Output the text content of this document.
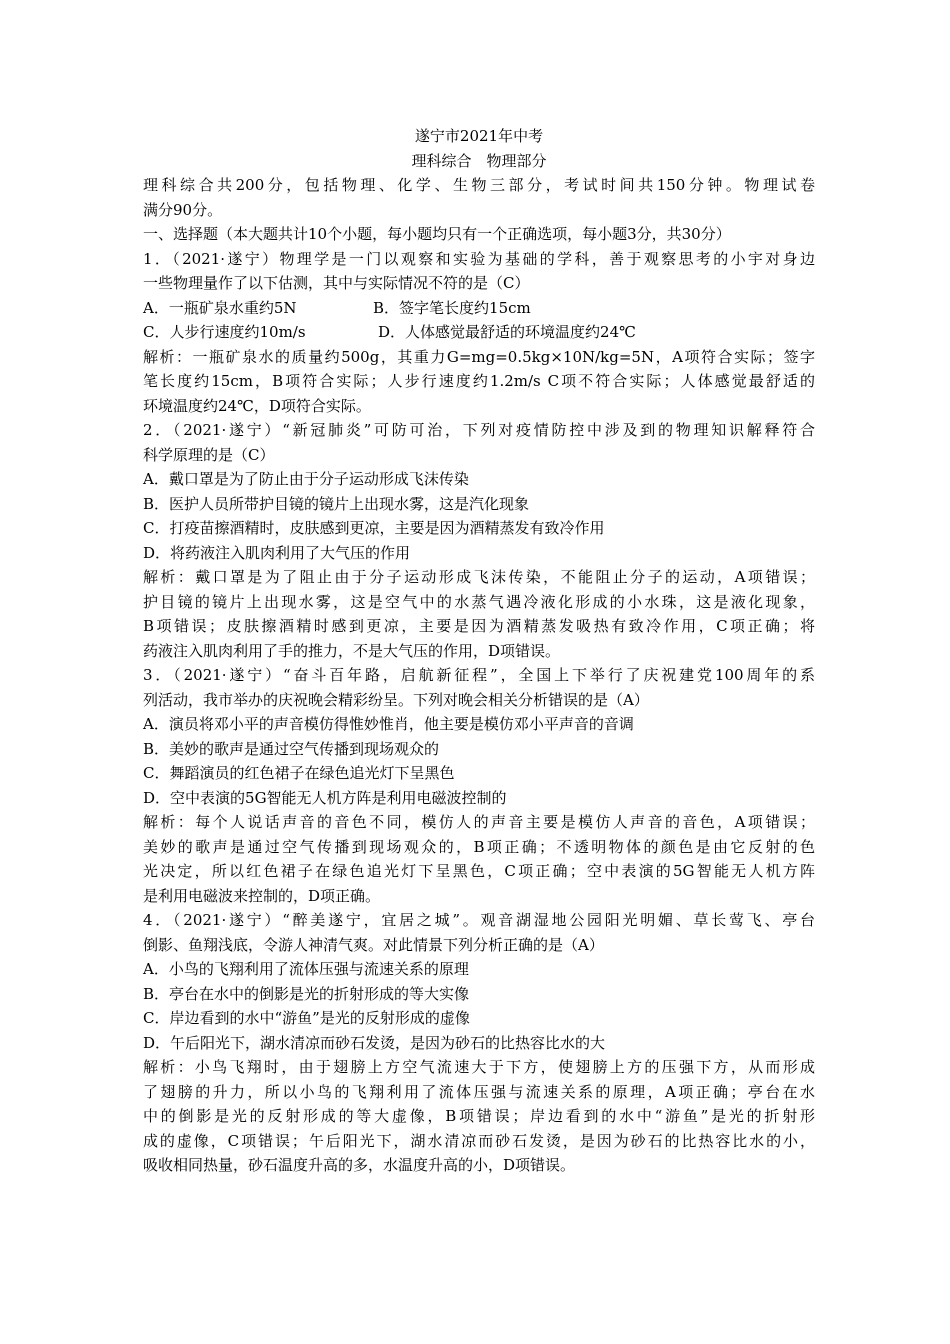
遂宁市2021年中考
理科综合　物理部分
理科综合共200分，包括物理、化学、生物三部分，考试时间共150分钟。物理试卷
满分90分。
一、选择题（本大题共计10个小题，每小题均只有一个正确选项，每小题3分，共30分）
1．（2021·遂宁）物理学是一门以观察和实验为基础的学科，善于观察思考的小宇对身边
一些物理量作了以下估测，其中与实际情况不符的是（C）
A．一瓶矿泉水重约5N	B．签字笔长度约15cm
C．人步行速度约10m/s	D．人体感觉最舒适的环境温度约24℃
解析：一瓶矿泉水的质量约500g，其重力G=mg=0.5kg×10N/kg=5N，A项符合实际；签字
笔长度约15cm，B项符合实际；人步行速度约1.2m/s C项不符合实际；人体感觉最舒适的
环境温度约24℃，D项符合实际。
2．（2021·遂宁）“新冠肺炎”可防可治，下列对疫情防控中涉及到的物理知识解释符合
科学原理的是（C）
A．戴口罩是为了防止由于分子运动形成飞沫传染
B．医护人员所带护目镜的镜片上出现水雾，这是汽化现象
C．打疫苗擦酒精时，皮肤感到更凉，主要是因为酒精蒸发有致冷作用
D．将药液注入肌肉利用了大气压的作用
解析：戴口罩是为了阻止由于分子运动形成飞沫传染，不能阻止分子的运动，A项错误；
护目镜的镜片上出现水雾，这是空气中的水蒸气遇冷液化形成的小水珠，这是液化现象，
B项错误；皮肤擦酒精时感到更凉，主要是因为酒精蒸发吸热有致冷作用，C项正确；将
药液注入肌肉利用了手的推力，不是大气压的作用，D项错误。
3．（2021·遂宁）“奋斗百年路，启航新征程”，全国上下举行了庆祝建党100周年的系
列活动，我市举办的庆祝晚会精彩纷呈。下列对晚会相关分析错误的是（A）
A．演员将邓小平的声音模仿得惟妙惟肖，他主要是模仿邓小平声音的音调
B．美妙的歌声是通过空气传播到现场观众的
C．舞蹈演员的红色裙子在绿色追光灯下呈黑色
D．空中表演的5G智能无人机方阵是利用电磁波控制的
解析：每个人说话声音的音色不同，模仿人的声音主要是模仿人声音的音色，A项错误；
美妙的歌声是通过空气传播到现场观众的，B项正确；不透明物体的颜色是由它反射的色
光决定，所以红色裙子在绿色追光灯下呈黑色，C项正确；空中表演的5G智能无人机方阵
是利用电磁波来控制的，D项正确。
4．（2021·遂宁）“醉美遂宁，宜居之城”。观音湖湿地公园阳光明媚、草长莺飞、亭台
倒影、鱼翔浅底，令游人神清气爽。对此情景下列分析正确的是（A）
A．小鸟的飞翔利用了流体压强与流速关系的原理
B．亭台在水中的倒影是光的折射形成的等大实像
C．岸边看到的水中“游鱼”是光的反射形成的虚像
D．午后阳光下，湖水清凉而砂石发烫，是因为砂石的比热容比水的大
解析：小鸟飞翔时，由于翅膀上方空气流速大于下方，使翅膀上方的压强下方，从而形成
了翅膀的升力，所以小鸟的飞翔利用了流体压强与流速关系的原理，A项正确；亭台在水
中的倒影是光的反射形成的等大虚像，B项错误；岸边看到的水中“游鱼”是光的折射形
成的虚像，C项错误；午后阳光下，湖水清凉而砂石发烫，是因为砂石的比热容比水的小，
吸收相同热量，砂石温度升高的多，水温度升高的小，D项错误。
